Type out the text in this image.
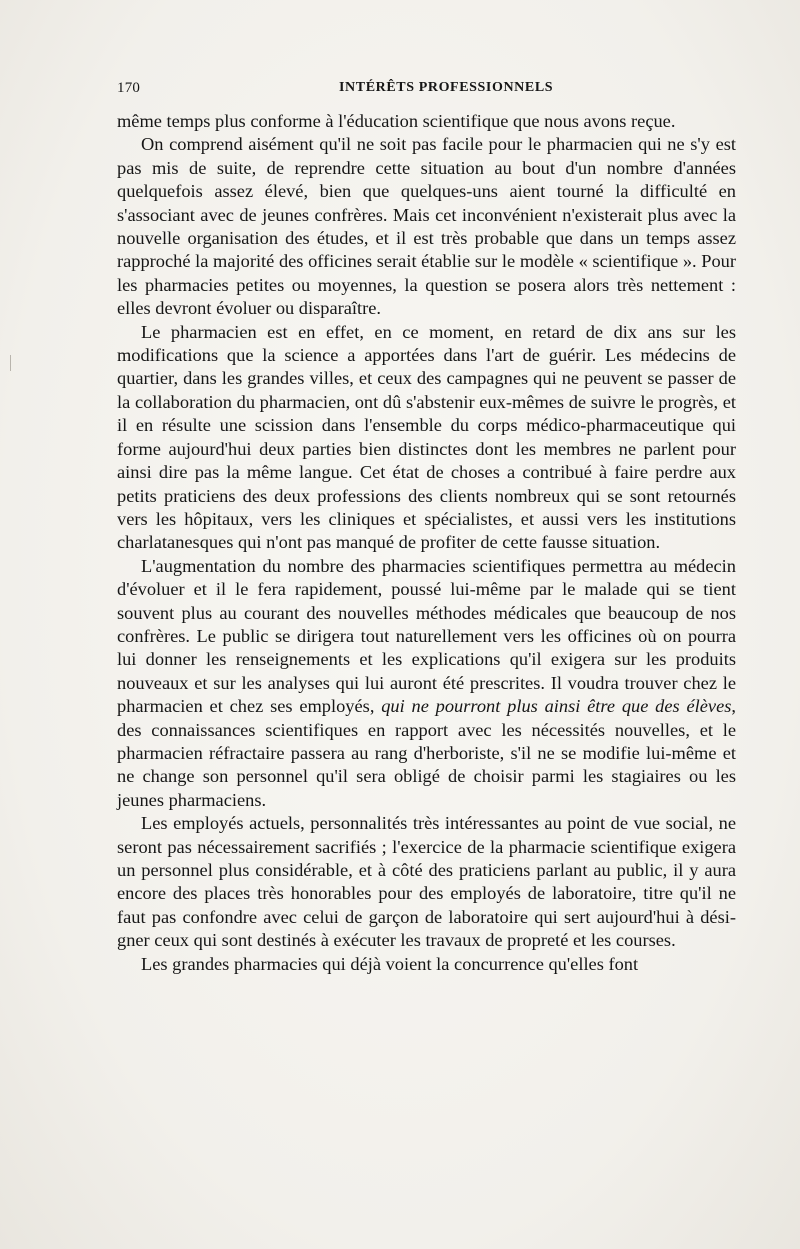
170	INTÉRÊTS PROFESSIONNELS

même temps plus conforme à l'éducation scientifique que nous avons reçue.

On comprend aisément qu'il ne soit pas facile pour le pharmacien qui ne s'y est pas mis de suite, de reprendre cette situation au bout d'un nombre d'années quelquefois assez élevé, bien que quelques-uns aient tourné la difficulté en s'associant avec de jeunes confrères. Mais cet inconvénient n'existerait plus avec la nouvelle organisation des études, et il est très probable que dans un temps assez rapproché la majorité des officines serait établie sur le modèle « scientifique ». Pour les pharmacies petites ou moyennes, la question se posera alors très nettement : elles devront évoluer ou disparaître.

Le pharmacien est en effet, en ce moment, en retard de dix ans sur les modifications que la science a apportées dans l'art de guérir. Les médecins de quartier, dans les grandes villes, et ceux des campagnes qui ne peuvent se passer de la collaboration du pharmacien, ont dû s'abstenir eux-mêmes de suivre le progrès, et il en résulte une scission dans l'ensemble du corps médico-pharmaceutique qui forme aujourd'hui deux parties bien distinctes dont les membres ne parlent pour ainsi dire pas la même langue. Cet état de choses a contribué à faire perdre aux petits praticiens des deux professions des clients nombreux qui se sont retournés vers les hôpitaux, vers les cliniques et spécialistes, et aussi vers les institutions charlatanesques qui n'ont pas manqué de profiter de cette fausse situation.

L'augmentation du nombre des pharmacies scientifiques permettra au médecin d'évoluer et il le fera rapidement, poussé lui-même par le malade qui se tient souvent plus au courant des nouvelles méthodes médicales que beaucoup de nos confrères. Le public se dirigera tout naturellement vers les officines où on pourra lui donner les renseignements et les explications qu'il exigera sur les produits nouveaux et sur les analyses qui lui auront été prescrites. Il voudra trouver chez le pharmacien et chez ses employés, qui ne pourront plus ainsi être que des élèves, des connaissances scientifiques en rapport avec les nécessités nouvelles, et le pharmacien réfractaire passera au rang d'herboriste, s'il ne se modifie lui-même et ne change son personnel qu'il sera obligé de choisir parmi les stagiaires ou les jeunes pharmaciens.

Les employés actuels, personnalités très intéressantes au point de vue social, ne seront pas nécessairement sacrifiés ; l'exercice de la pharmacie scientifique exigera un personnel plus considérable, et à côté des praticiens parlant au public, il y aura encore des places très honorables pour des employés de laboratoire, titre qu'il ne faut pas confondre avec celui de garçon de laboratoire qui sert aujourd'hui à désigner ceux qui sont destinés à exécuter les travaux de propreté et les courses.

Les grandes pharmacies qui déjà voient la concurrence qu'elles font
